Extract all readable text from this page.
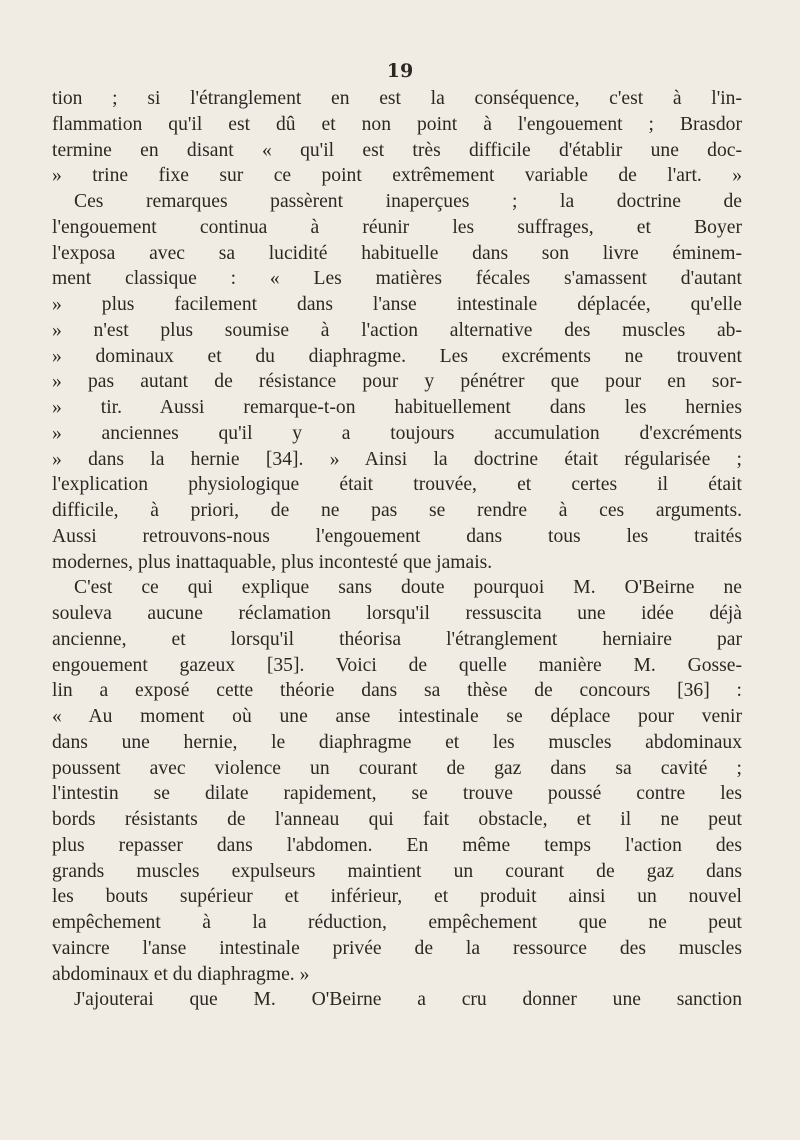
19
tion ; si l'étranglement en est la conséquence, c'est à l'in-
flammation qu'il est dû et non point à l'engouement ; Brasdor
termine en disant « qu'il est très difficile d'établir une doc-
» trine fixe sur ce point extrêmement variable de l'art. »
Ces remarques passèrent inaperçues ; la doctrine de
l'engouement continua à réunir les suffrages, et Boyer
l'exposa avec sa lucidité habituelle dans son livre éminem-
ment classique : « Les matières fécales s'amassent d'autant
» plus facilement dans l'anse intestinale déplacée, qu'elle
» n'est plus soumise à l'action alternative des muscles ab-
» dominaux et du diaphragme. Les excréments ne trouvent
» pas autant de résistance pour y pénétrer que pour en sor-
» tir. Aussi remarque-t-on habituellement dans les hernies
» anciennes qu'il y a toujours accumulation d'excréments
» dans la hernie [34]. » Ainsi la doctrine était régularisée ;
l'explication physiologique était trouvée, et certes il était
difficile, à priori, de ne pas se rendre à ces arguments.
Aussi retrouvons-nous l'engouement dans tous les traités
modernes, plus inattaquable, plus incontesté que jamais.
C'est ce qui explique sans doute pourquoi M. O'Beirne ne
souleva aucune réclamation lorsqu'il ressuscita une idée déjà
ancienne, et lorsqu'il théorisa l'étranglement herniaire par
engouement gazeux [35]. Voici de quelle manière M. Gosse-
lin a exposé cette théorie dans sa thèse de concours [36] :
« Au moment où une anse intestinale se déplace pour venir
dans une hernie, le diaphragme et les muscles abdominaux
poussent avec violence un courant de gaz dans sa cavité ;
l'intestin se dilate rapidement, se trouve poussé contre les
bords résistants de l'anneau qui fait obstacle, et il ne peut
plus repasser dans l'abdomen. En même temps l'action des
grands muscles expulseurs maintient un courant de gaz dans
les bouts supérieur et inférieur, et produit ainsi un nouvel
empêchement à la réduction, empêchement que ne peut
vaincre l'anse intestinale privée de la ressource des muscles
abdominaux et du diaphragme. »
J'ajouterai que M. O'Beirne a cru donner une sanction
